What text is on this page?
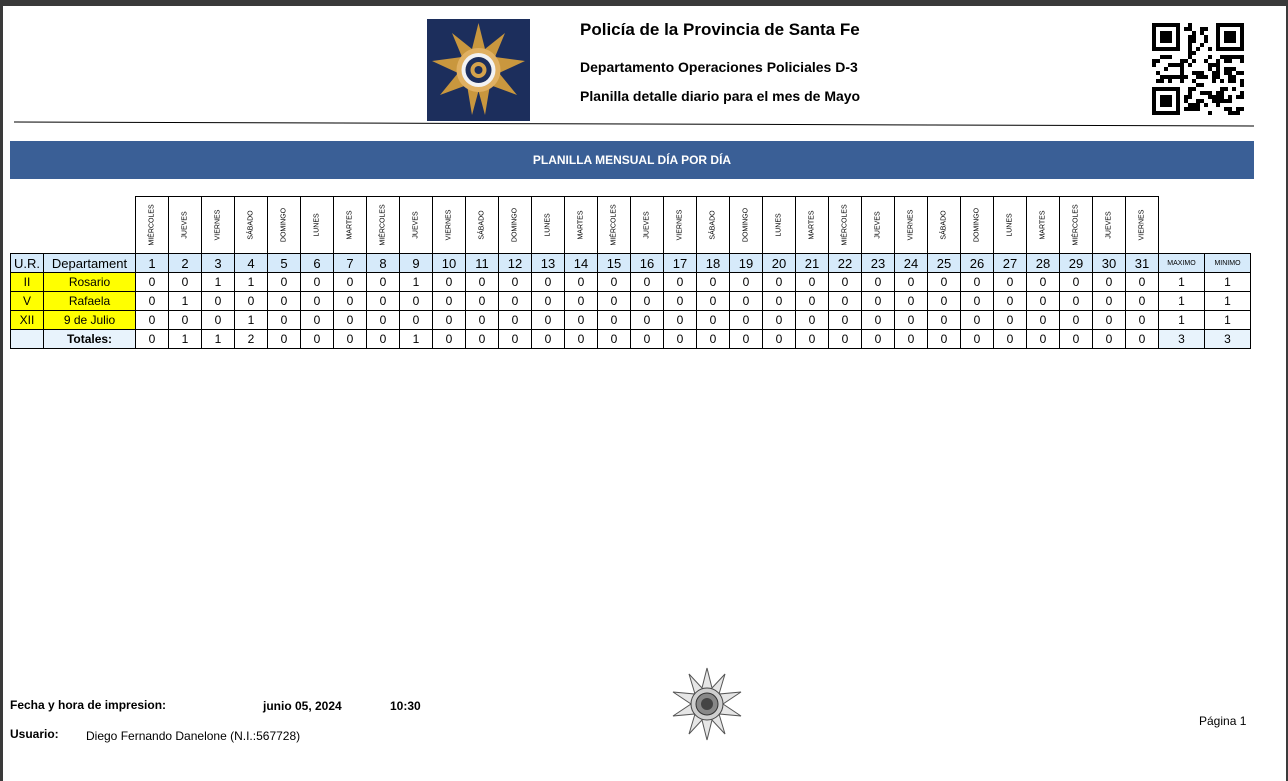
Policía de la Provincia de Santa Fe
Departamento Operaciones Policiales D-3
Planilla detalle diario para el mes de Mayo
PLANILLA MENSUAL DÍA POR DÍA

		MIÉRCOLES	JUEVES	VIERNES	SÁBADO	DOMINGO	LUNES	MARTES	MIÉRCOLES	JUEVES	VIERNES	SÁBADO	DOMINGO	LUNES	MARTES	MIÉRCOLES	JUEVES	VIERNES	SÁBADO	DOMINGO	LUNES	MARTES	MIÉRCOLES	JUEVES	VIERNES	SÁBADO	DOMINGO	LUNES	MARTES	MIÉRCOLES	JUEVES	VIERNES		

U.R.	Departament	1	2	3	4	5	6	7	8	9	10	11	12	13	14	15	16	17	18	19	20	21	22	23	24	25	26	27	28	29	30	31	MAXIMO	MINIMO
II	Rosario	0	0	1	1	0	0	0	0	1	0	0	0	0	0	0	0	0	0	0	0	0	0	0	0	0	0	0	0	0	0	0	1	1
V	Rafaela	0	1	0	0	0	0	0	0	0	0	0	0	0	0	0	0	0	0	0	0	0	0	0	0	0	0	0	0	0	0	0	1	1
XII	9 de Julio	0	0	0	1	0	0	0	0	0	0	0	0	0	0	0	0	0	0	0	0	0	0	0	0	0	0	0	0	0	0	0	1	1
	Totales:	0	1	1	2	0	0	0	0	1	0	0	0	0	0	0	0	0	0	0	0	0	0	0	0	0	0	0	0	0	0	0	3	3
Fecha y hora de impresion:	junio 05, 2024	10:30
Usuario: Diego Fernando Danelone (N.I.:567728)
Página 1
